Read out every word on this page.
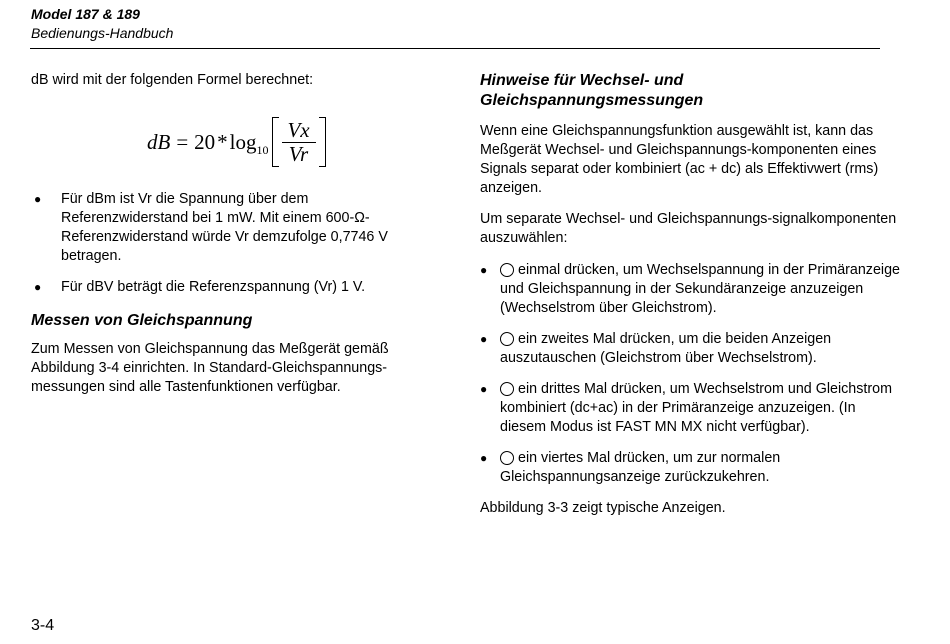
Model 187 & 189
Bedienungs-Handbuch

dB wird mit der folgenden Formel berechnet:

dB = $20 * \log 10 \frac{Vx}{Vr}$
● Für dBm ist Vr die Spannung über dem Referenzwiderstand bei 1 mW. Mit einem 600-Ω-Referenzwiderstand würde Vr demzufolge 0,7746 V betragen.
● Für dBV beträgt die Referenzspannung (Vr) 1 V.
Messen von Gleichspannung

Zum Messen von Gleichspannung das Meßgerät gemäß Abbildung 3-4 einrichten. In Standard-Gleichspannungs-messungen sind alle Tastenfunktionen verfügbar.

Hinweise für Wechsel- und
Gleichspannungsmessungen

Wenn eine Gleichspannungsfunktion ausgewählt ist, kann das Meßgerät Wechsel- und Gleichspannungs-komponenten eines Signals separat oder kombiniert (ac + dc) als Effektivwert (rms) anzeigen.

Um separate Wechsel- und Gleichspannungs-signalkomponenten auszuwählen:

● einmal drücken, um Wechselspannung in der Primäranzeige und Gleichspannung in der Sekundäranzeige anzuzeigen (Wechselstrom über Gleichstrom).
● ein zweites Mal drücken, um die beiden Anzeigen auszutauschen (Gleichstrom über Wechselstrom).
● ein drittes Mal drücken, um Wechselstrom und Gleichstrom kombiniert (dc+ac) in der Primäranzeige anzuzeigen. (In diesem Modus ist FAST MN MX nicht verfügbar).
● ein viertes Mal drücken, um zur normalen Gleichspannungsanzeige zurückzukehren.

Abbildung 3-3 zeigt typische Anzeigen.

3-4
